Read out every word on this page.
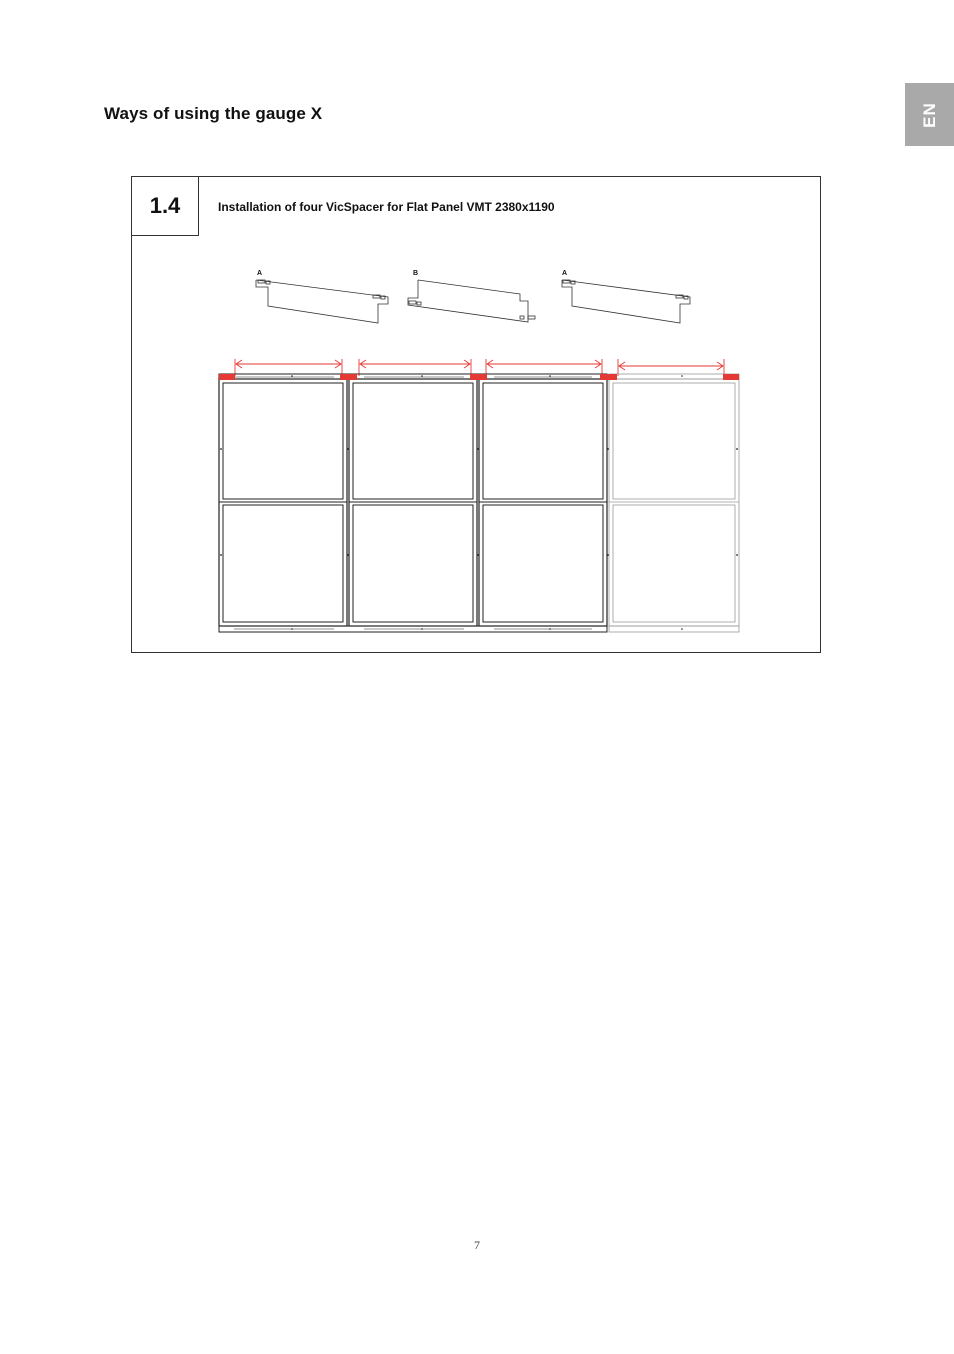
Ways of using the gauge X	EN
1.4	Installation of four VicSpacer for Flat Panel VMT 2380x1190
A	B	A
7
